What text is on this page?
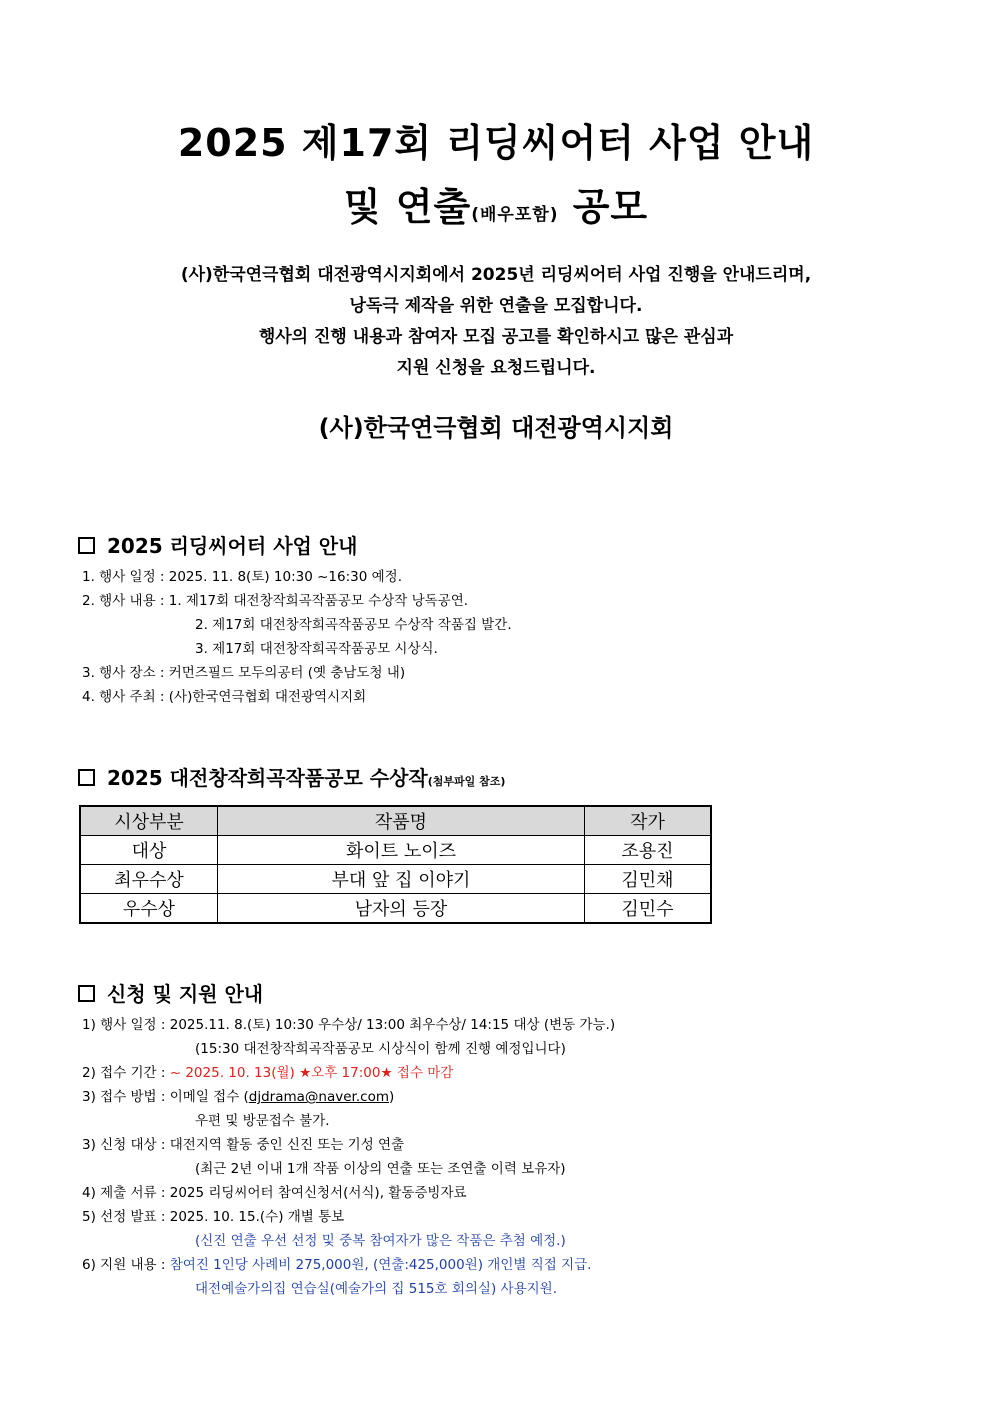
2025 제17회 리딩씨어터 사업 안내
및 연출(배우포함) 공모
(사)한국연극협회 대전광역시지회에서 2025년 리딩씨어터 사업 진행을 안내드리며,
낭독극 제작을 위한 연출을 모집합니다.
행사의 진행 내용과 참여자 모집 공고를 확인하시고 많은 관심과
지원 신청을 요청드립니다.
(사)한국연극협회 대전광역시지회
2025 리딩씨어터 사업 안내
1. 행사 일정 : 2025. 11. 8(토) 10:30 ~16:30 예정.
2. 행사 내용 : 1. 제17회 대전창작희곡작품공모 수상작 낭독공연.
2. 제17회 대전창작희곡작품공모 수상작 작품집 발간.
3. 제17회 대전창작희곡작품공모 시상식.
3. 행사 장소 : 커먼즈필드 모두의공터 (옛 충남도청 내)
4. 행사 주최 : (사)한국연극협회 대전광역시지회
2025 대전창작희곡작품공모 수상작(첨부파일 참조)
시상부분	작품명	작가
대상	화이트 노이즈	조용진
최우수상	부대 앞 집 이야기	김민채
우수상	남자의 등장	김민수
신청 및 지원 안내
1) 행사 일정 : 2025.11. 8.(토) 10:30 우수상/ 13:00 최우수상/ 14:15 대상 (변동 가능.)
(15:30 대전창작희곡작품공모 시상식이 함께 진행 예정입니다)
2) 접수 기간 : ~ 2025. 10. 13(월) ★오후 17:00★ 접수 마감
3) 접수 방법 : 이메일 접수 (djdrama@naver.com)
우편 및 방문접수 불가.
3) 신청 대상 : 대전지역 활동 중인 신진 또는 기성 연출
(최근 2년 이내 1개 작품 이상의 연출 또는 조연출 이력 보유자)
4) 제출 서류 : 2025 리딩씨어터 참여신청서(서식), 활동증빙자료
5) 선정 발표 : 2025. 10. 15.(수) 개별 통보
(신진 연출 우선 선정 및 중복 참여자가 많은 작품은 추첨 예정.)
6) 지원 내용 : 참여진 1인당 사례비 275,000원, (연출:425,000원) 개인별 직접 지급.
대전예술가의집 연습실(예술가의 집 515호 회의실) 사용지원.
